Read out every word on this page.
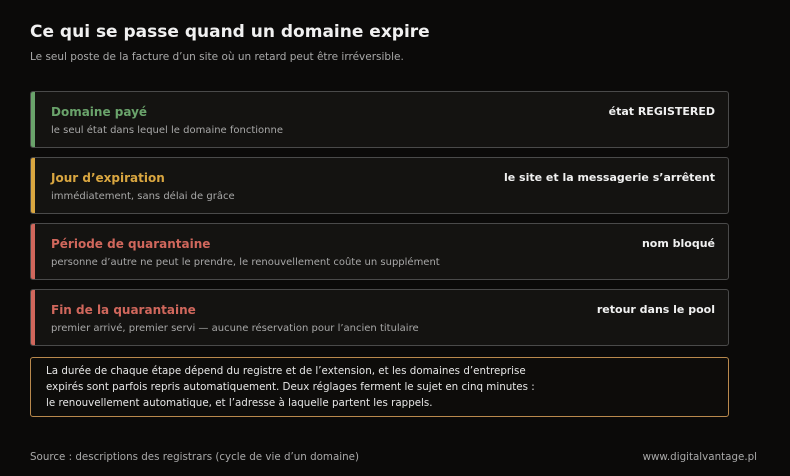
Ce qui se passe quand un domaine expire
Le seul poste de la facture d’un site où un retard peut être irréversible.
Domaine payé	état REGISTERED
le seul état dans lequel le domaine fonctionne
Jour d’expiration	le site et la messagerie s’arrêtent
immédiatement, sans délai de grâce
Période de quarantaine	nom bloqué
personne d’autre ne peut le prendre, le renouvellement coûte un supplément
Fin de la quarantaine	retour dans le pool
premier arrivé, premier servi — aucune réservation pour l’ancien titulaire
La durée de chaque étape dépend du registre et de l’extension, et les domaines d’entreprise
expirés sont parfois repris automatiquement. Deux réglages ferment le sujet en cinq minutes :
le renouvellement automatique, et l’adresse à laquelle partent les rappels.
Source : descriptions des registrars (cycle de vie d’un domaine)	www.digitalvantage.pl
